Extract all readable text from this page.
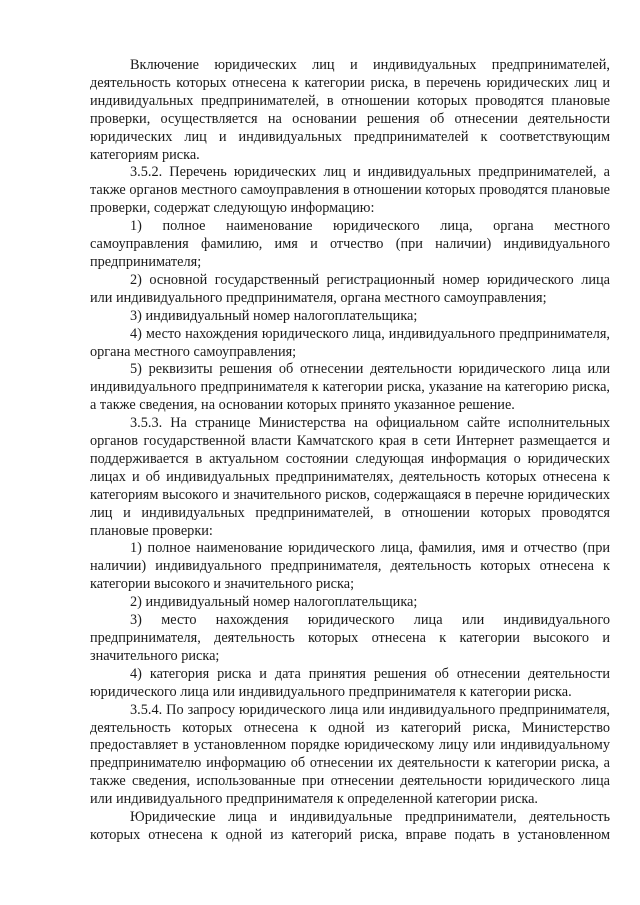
Включение юридических лиц и индивидуальных предпринимателей, деятельность которых отнесена к категории риска, в перечень юридических лиц и индивидуальных предпринимателей, в отношении которых проводятся плановые проверки, осуществляется на основании решения об отнесении деятельности юридических лиц и индивидуальных предпринимателей к соответствующим категориям риска.

3.5.2. Перечень юридических лиц и индивидуальных предпринимателей, а также органов местного самоуправления в отношении которых проводятся плановые проверки, содержат следующую информацию:

1) полное наименование юридического лица, органа местного самоуправления фамилию, имя и отчество (при наличии) индивидуального предпринимателя;

2) основной государственный регистрационный номер юридического лица или индивидуального предпринимателя, органа местного самоуправления;

3) индивидуальный номер налогоплательщика;

4) место нахождения юридического лица, индивидуального предпринимателя, органа местного самоуправления;

5) реквизиты решения об отнесении деятельности юридического лица или индивидуального предпринимателя к категории риска, указание на категорию риска, а также сведения, на основании которых принято указанное решение.

3.5.3. На странице Министерства на официальном сайте исполнительных органов государственной власти Камчатского края в сети Интернет размещается и поддерживается в актуальном состоянии следующая информация о юридических лицах и об индивидуальных предпринимателях, деятельность которых отнесена к категориям высокого и значительного рисков, содержащаяся в перечне юридических лиц и индивидуальных предпринимателей, в отношении которых проводятся плановые проверки:

1) полное наименование юридического лица, фамилия, имя и отчество (при наличии) индивидуального предпринимателя, деятельность которых отнесена к категории высокого и значительного риска;

2) индивидуальный номер налогоплательщика;

3) место нахождения юридического лица или индивидуального предпринимателя, деятельность которых отнесена к категории высокого и значительного риска;

4) категория риска и дата принятия решения об отнесении деятельности юридического лица или индивидуального предпринимателя к категории риска.

3.5.4. По запросу юридического лица или индивидуального предпринимателя, деятельность которых отнесена к одной из категорий риска, Министерство предоставляет в установленном порядке юридическому лицу или индивидуальному предпринимателю информацию об отнесении их деятельности к категории риска, а также сведения, использованные при отнесении деятельности юридического лица или индивидуального предпринимателя к определенной категории риска.

Юридические лица и индивидуальные предприниматели, деятельность которых отнесена к одной из категорий риска, вправе подать в установленном
